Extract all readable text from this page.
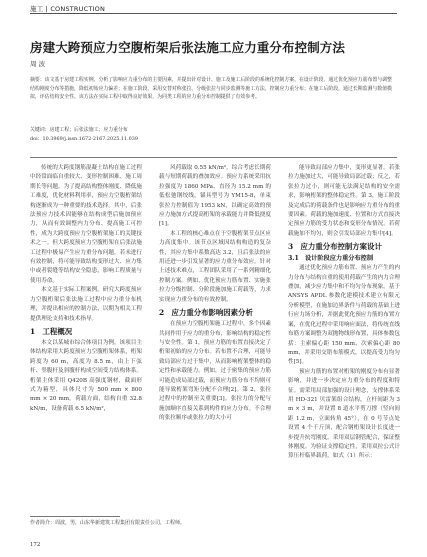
施工 | CONSTRUCTION
房建大跨预应力空腹桁架后张法施工应力重分布控制方法
周 波
摘要：该文基于房建工程实例，分析了影响应力重分布的主要因素，并提出针对设计、施工及施工后阶段的系统化控制方案。在设计阶段，通过优化预应力筋布置与调整结构刚度分布等措施，降低初始应力偏差；在施工阶段，采用交替对称张拉、分级张拉与同步监测等施工方法，控制应力重分布；在施工后阶段，通过长期监测与数值模拟，评估结构安全性。该方法在实际工程中取得良好效果，为同类工程的应力重分布控制提供了有效参考。
关键词：房建工程；后张法施工；应力重分布
doi：10.3969/j.issn.1672-2167.2025.11.039

传统的大跨度钢筋混凝土结构在施工过程中经常面临自重较大、变形控制困难、施工周期长等问题。为了提高结构整体刚度、降低施工难度，优化材料利用率，预应力空腹桁架结构逐渐成为一种重要的技术选择。其中，后张法预应力技术因能够在结构成型后施加预应力，从而有效调整内力分布、提高施工可控性，成为大跨度预应力空腹桁架施工的关键技术之一。但大跨度预应力空腹桁架在后张法施工过程中极易产生应力重分布问题，若未进行有效控制，将可能导致结构变形过大、应力集中或者裂缝等结构安全隐患，影响工程质量与使用寿命。

本文基于实际工程案例，研究大跨度预应力空腹桁架后张法施工过程中应力重分布机理，并提出相应的控制方法，以期为相关工程提供理论支持和技术指导。

1　工程概况

本文以某城市综合体项目为例。该项目主体结构采用大跨度预应力空腹桁架体系，桁架跨度为 60 m，高度为 8.5 m，由上下弦杆、竖腹杆及斜腹杆构成空间受力结构体系。桁架主体采用 Q420B 高强度钢材，截面形式为箱型，具体尺寸为 500 mm × 800 mm × 20 mm。荷载方面，结构自重 32.8 kN/m，设备荷载 6.5 kN/m²，

风荷载取 0.55 kN/m²，综合考虑长期荷载与短期荷载的叠加效应。预应力系统采用抗拉强度为 1860 MPa、直径为 15.2 mm 的低松弛钢绞线，锚具型号为 YM15-8，单束张拉力控制值为 1953 kN，以确定高效的预应力施加方式提高桁架的承载能力并降低挠度[1]。

本工程的核心难点在于空腹桁架节点区应力高度集中。该节点区域因结构构造的复杂性，其应力集中系数高达 3.2，且后张法的应用还进一步引发显著的应力重分布效应。针对上述技术难点，工程团队采用了一系列精细化控制方案。例如，优化预应力筋布置、实施张拉力分级控制、分阶段施加施工荷载等，力求实现应力重分布的有效控制。

2　应力重分布影响因素分析

在预应力空腹桁架施工过程中，多个因素共同作用于应力的重分布，影响结构的稳定性与安全性。第 1，预应力筋的布置直接决定了桁架初始的应力分布。若布置不合理，可能导致局部应力过于集中，从而影响桁架整体的稳定性和承载能力。例如，过于密集的预应力筋可能造成局部过载，而预应力筋分布不均则可能导致桁架弯矩分配不合理[2]。第 2，张拉过程中的控制至关重要[3]。张拉力的分配与施加顺序直接关系到构件的应力分布。不合理的张拉顺序或张拉力的大小可

能导致局部应力集中，变形更显著。若张拉力施加过大，可能导致局部过载；反之，若张拉力过小，则可能无法满足结构的安全需求，影响桁架的整体稳定性。第 3，施工阶段及完成后的荷载条件也是影响应力重分布的重要因素。荷载的施加速度、位置和方式直接决定预应力筋的受力状态和变形分布情况。若荷载施加不均匀，则会引发局部应力集中[4]。

3　应力重分布控制方案设计
3.1　设计阶段应力重分布控制

通过优化预应力筋布置、预应力产生的内力分布与结构自重的使用荷载产生的内力合理叠加，减少应力集中和不均匀分布现象。基于 ANSYS APDL 参数化建模技术建立有限元分析模型，在施加边界条件与荷载的基础上进行应力场分析，并据此优化预应力筋的布置方案，在优化过程中采用响应面法，将传统直线布筋方案调整为双抛物线形布置，具体参数包括：主索偏心距 150 mm、次索偏心距 80 mm，并采用交错布筋模式，以提高受力均匀性[5]。

预应力筋的布置对桁架的刚度分布有显著影响，并进一步决定应力重分布的程度和特征。需采用局部加强的设计理念，支撑体系采用 HD-321 贝雷架组合结构，立杆间距为 3 m × 3 m，并设置 8 道水平剪刀撑（竖向间距 1.2 m，立面转角 45°），在 0 号节点处设置 4 个千斤顶，配合钢桁架设计长度进一步提升抗弯刚度。采用双层钢管配合，保证整体刚度。为验证支撑稳定性，采用双拉公式计算压杆临界载荷，如式（1）所示：

作者简介：周波，男，山东华新建筑工程集团有限责任公司，工程师。
172
